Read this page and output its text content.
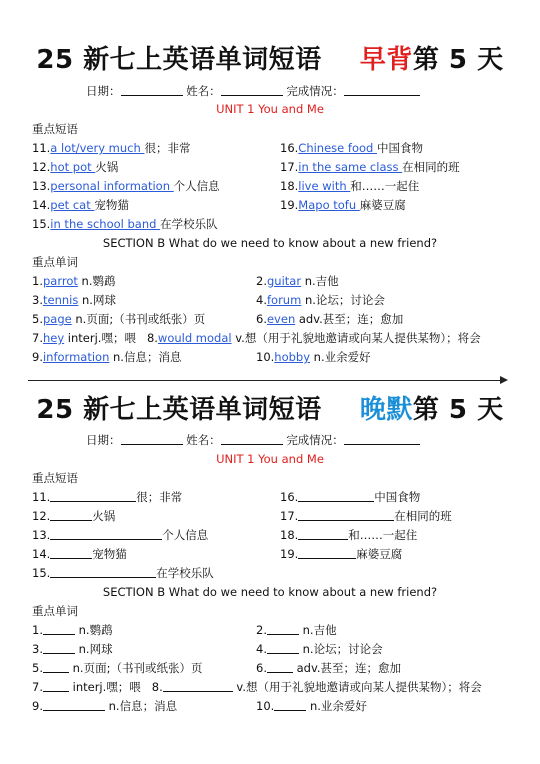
25 新七上英语单词短语 早背第 5 天
日期：	姓名：	完成情况：
UNIT 1 You and Me
重点短语
11.a lot/very much 很；非常	16.Chinese food 中国食物
12.hot pot 火锅	17.in the same class 在相同的班
13.personal information 个人信息	18.live with 和……一起住
14.pet cat 宠物猫	19.Mapo tofu 麻婆豆腐
15.in the school band 在学校乐队
SECTION B What do we need to know about a new friend?
重点单词
1.parrot n.鹦鹉	2.guitar n.吉他
3.tennis n.网球	4.forum n.论坛；讨论会
5.page n.页面;（书刊或纸张）页	6.even adv.甚至；连；愈加
7.hey interj.嘿；喂 8.would modal v.想（用于礼貌地邀请或向某人提供某物）；将会
9.information n.信息；消息	10.hobby n.业余爱好
25 新七上英语单词短语 晚默第 5 天
日期：	姓名：	完成情况：
UNIT 1 You and Me
重点短语
11.	很；非常	16.	中国食物
12.	火锅	17.	在相同的班
13.	个人信息	18.	和……一起住
14.	宠物猫	19.	麻婆豆腐
15.	在学校乐队
SECTION B What do we need to know about a new friend?
重点单词
1.	n.鹦鹉	2.	n.吉他
3.	n.网球	4.	n.论坛；讨论会
5. n.页面;（书刊或纸张）页	6. adv.甚至；连；愈加
7. interj.嘿；喂 8.	v.想（用于礼貌地邀请或向某人提供某物）；将会
9.	n.信息；消息	10.	n.业余爱好
